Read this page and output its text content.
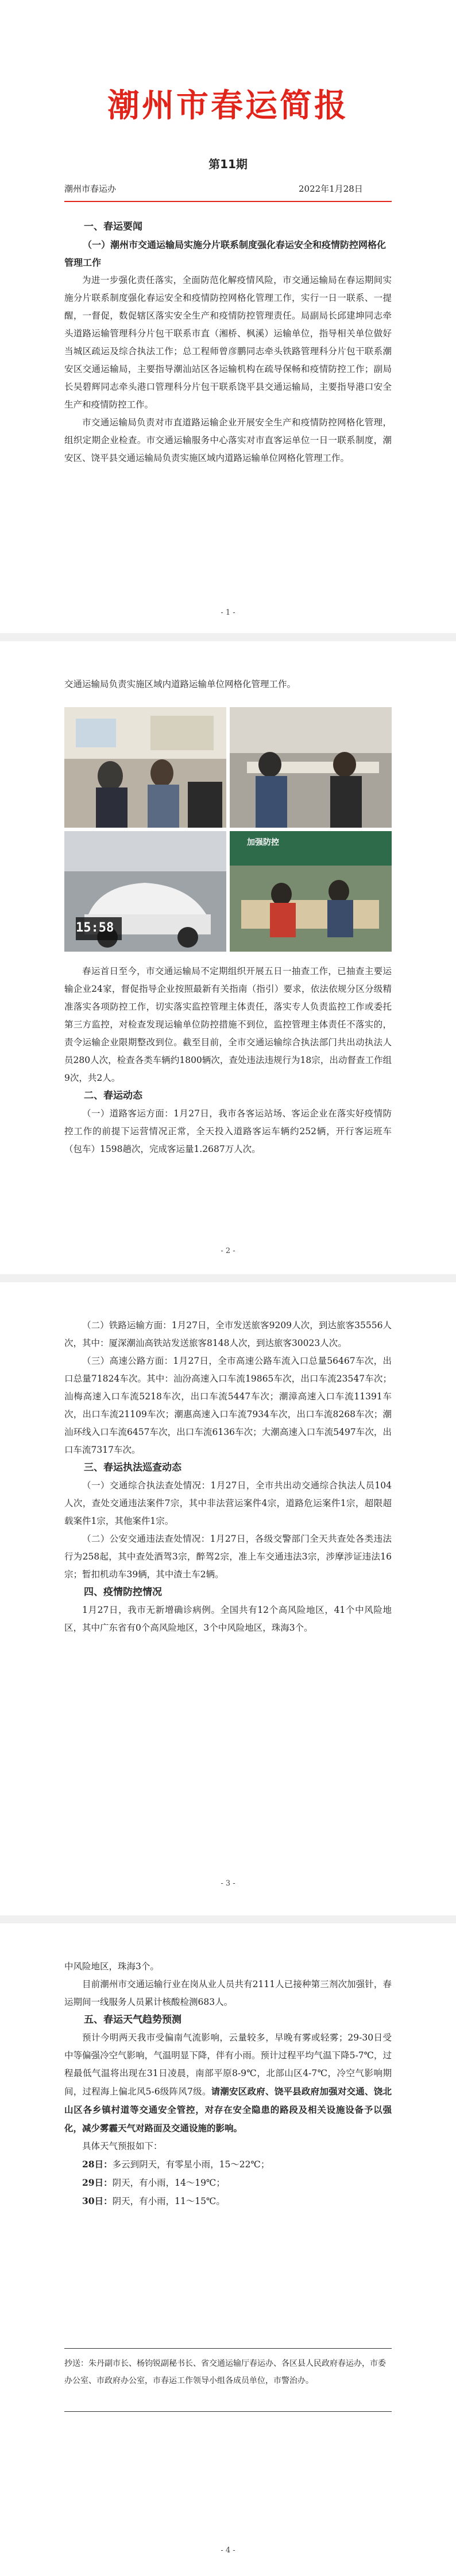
潮州市春运简报
第11期
潮州市春运办	2022年1月28日

一、春运要闻

（一）潮州市交通运输局实施分片联系制度强化春运安全和疫情防控网格化管理工作

为进一步强化责任落实，全面防范化解疫情风险，市交通运输局在春运期间实施分片联系制度强化春运安全和疫情防控网格化管理工作，实行一日一联系、一提醒，一督促，数促辖区落实安全生产和疫情防控管理责任。局副局长邱建坤同志牵头道路运输管理科分片包干联系市直（湘桥、枫溪）运输单位，指导相关单位做好当城区疏运及综合执法工作；总工程师曾彦鹏同志牵头铁路管理科分片包干联系潮安区交通运输局，主要指导潮汕站区各运输机构在疏导保畅和疫情防控工作；副局长吴碧辉同志牵头港口管理科分片包干联系饶平县交通运输局，主要指导港口安全生产和疫情防控工作。

市交通运输局负责对市直道路运输企业开展安全生产和疫情防控网格化管理，组织定期企业检查。市交通运输服务中心落实对市直客运单位一日一联系制度，潮安区、饶平县交通运输局负责实施区域内道路运输单位网格化管理工作。

- 1 -

交通运输局负责实施区域内道路运输单位网格化管理工作。

15:58
加强防控

春运首日至今，市交通运输局不定期组织开展五日一抽查工作，已抽查主要运输企业24家，督促指导企业按照最新有关指南（指引）要求，依法依规分区分级精准落实各项防控工作，切实落实监控管理主体责任，落实专人负责监控工作或委托第三方监控，对检查发现运输单位防控措施不到位，监控管理主体责任不落实的，责令运输企业限期整改到位。截至目前，全市交通运输综合执法部门共出动执法人员280人次，检查各类车辆约1800辆次，查处违法违规行为18宗，出动督查工作组9次，共2人。

二、春运动态

（一）道路客运方面：1月27日，我市各客运站场、客运企业在落实好疫情防控工作的前提下运营情况正常，全天投入道路客运车辆约252辆，开行客运班车（包车）1598趟次，完成客运量1.2687万人次。

- 2 -

（二）铁路运输方面：1月27日，全市发送旅客9209人次，到达旅客35556人次，其中：厦深潮汕高铁站发送旅客8148人次，到达旅客30023人次。

（三）高速公路方面：1月27日，全市高速公路车流入口总量56467车次，出口总量71824车次。其中：汕汾高速入口车流19865车次，出口车流23547车次；汕梅高速入口车流5218车次，出口车流5447车次；潮漳高速入口车流11391车次，出口车流21109车次；潮惠高速入口车流7934车次，出口车流8268车次；潮汕环线入口车流6457车次，出口车流6136车次；大潮高速入口车流5497车次，出口车流7317车次。

三、春运执法巡查动态

（一）交通综合执法查处情况：1月27日，全市共出动交通综合执法人员104人次，查处交通违法案件7宗，其中非法营运案件4宗，道路危运案件1宗，超限超载案件1宗，其他案件1宗。

（二）公安交通违法查处情况：1月27日，各级交警部门全天共查处各类违法行为258起，其中查处酒驾3宗，醉驾2宗，准上车交通违法3宗，涉摩涉证违法16宗；暂扣机动车39辆，其中渣土车2辆。

四、疫情防控情况

1月27日，我市无新增确诊病例。全国共有12个高风险地区，41个中风险地区，其中广东省有0个高风险地区，3个中风险地区，珠海3个。

- 3 -

中风险地区，珠海3个。

目前潮州市交通运输行业在岗从业人员共有2111人已接种第三剂次加强针，春运期间一线服务人员累计核酸检测683人。

五、春运天气趋势预测

预计今明两天我市受偏南气流影响，云量较多，早晚有雾或轻雾；29-30日受中等偏强冷空气影响，气温明显下降，伴有小雨。预计过程平均气温下降5-7℃，过程最低气温将出现在31日凌晨，南部平原8-9℃，北部山区4-7℃，冷空气影响期间，过程海上偏北风5-6级阵风7级。请潮安区政府、饶平县政府加强对交通、饶北山区各乡镇村道等交通安全管控，对存在安全隐患的路段及相关设施设备予以强化，减少雾霾天气对路面及交通设施的影响。

具体天气预报如下：

28日：多云到阴天，有零星小雨，15～22℃；

29日：阴天，有小雨，14～19℃；

30日：阴天，有小雨，11～15℃。

抄送：朱丹副市长、杨钧锐副秘书长、省交通运输厅春运办、各区县人民政府春运办，市委办公室、市政府办公室，市春运工作领导小组各成员单位，市警治办。
- 4 -
